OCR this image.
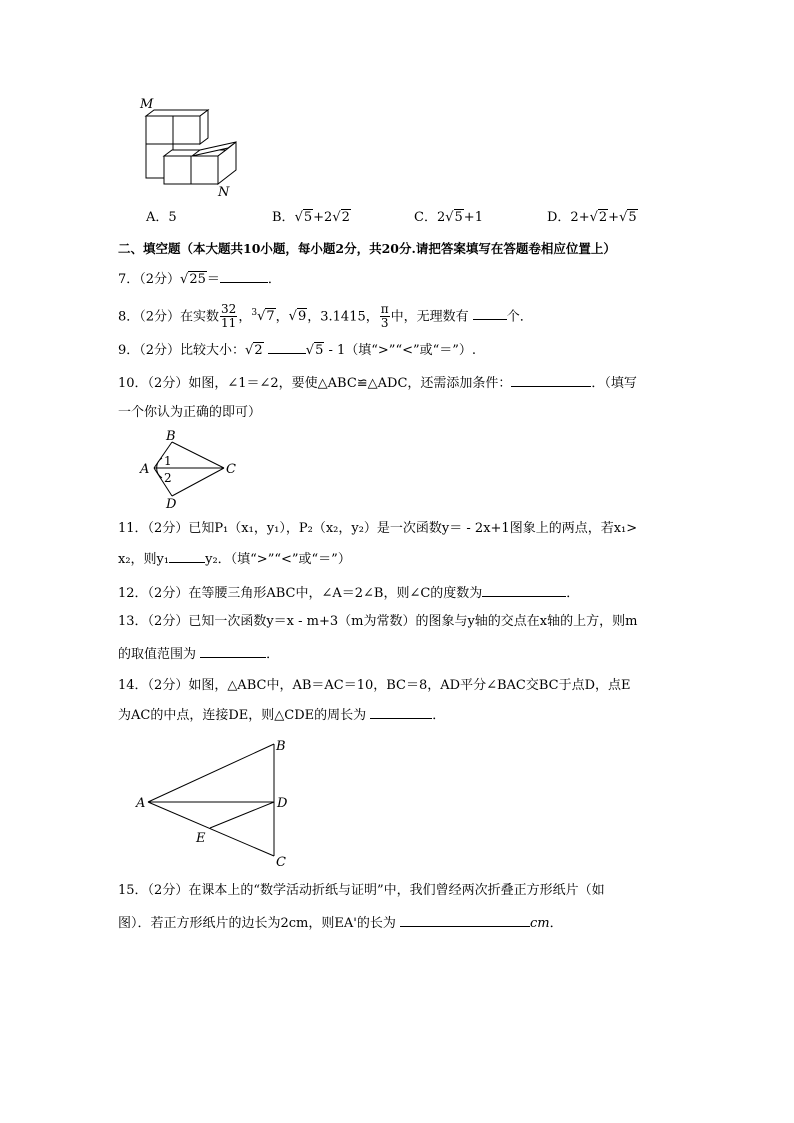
M
N
A．5	B．√5+2√2	C．2√5+1	D．2+√2+√5
二、填空题（本大题共10小题，每小题2分，共20分.请把答案填写在答题卷相应位置上）
7．（2分）√25＝	．
8．（2分）在实数 $\frac{32}{11}$ ，$^3$√7，√9，3.1415， $\frac{\pi}{3}$ 中，无理数有	个．
9．（2分）比较大小：√2	√5 - 1（填“>”“<”或“＝”）.
10．（2分）如图，∠1＝∠2，要使△ABC≌△ADC，还需添加条件：	．（填写
一个你认为正确的即可）
B
A	C
D
1
2
11．（2分）已知P₁（x₁，y₁），P₂（x₂，y₂）是一次函数y＝ - 2x+1图象上的两点，若x₁>
x₂，则y₁	y₂．（填“>”“<”或“＝”）
12．（2分）在等腰三角形ABC中，∠A＝2∠B，则∠C的度数为	．
13．（2分）已知一次函数y＝x - m+3（m为常数）的图象与y轴的交点在x轴的上方，则m
的取值范围为	．
14．（2分）如图，△ABC中，AB＝AC＝10，BC＝8，AD平分∠BAC交BC于点D，点E
为AC的中点，连接DE，则△CDE的周长为	．
B
A	D
E
C
15．（2分）在课本上的“数学活动折纸与证明”中，我们曾经两次折叠正方形纸片（如
图）．若正方形纸片的边长为2cm，则EA'的长为	cm．
